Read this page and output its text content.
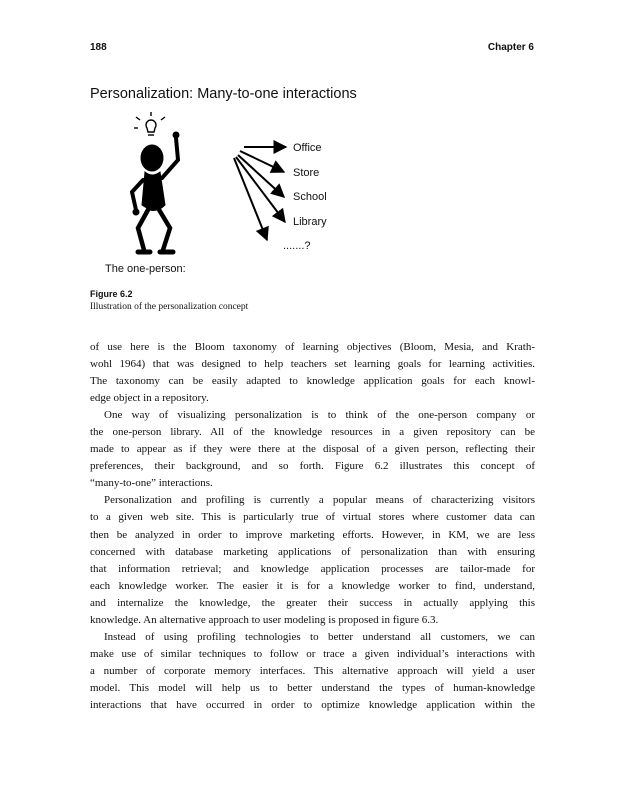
188	Chapter 6
Personalization: Many-to-one interactions
Office
Store
School
Library
.......?
The one-person:
Figure 6.2
Illustration of the personalization concept

of use here is the Bloom taxonomy of learning objectives (Bloom, Mesia, and Krath-

wohl 1964) that was designed to help teachers set learning goals for learning activities.

The taxonomy can be easily adapted to knowledge application goals for each knowl-

edge object in a repository.

One way of visualizing personalization is to think of the one-person company or

the one-person library. All of the knowledge resources in a given repository can be

made to appear as if they were there at the disposal of a given person, reflecting their

preferences, their background, and so forth. Figure 6.2 illustrates this concept of

“many-to-one” interactions.

Personalization and profiling is currently a popular means of characterizing visitors

to a given web site. This is particularly true of virtual stores where customer data can

then be analyzed in order to improve marketing efforts. However, in KM, we are less

concerned with database marketing applications of personalization than with ensuring

that information retrieval; and knowledge application processes are tailor-made for

each knowledge worker. The easier it is for a knowledge worker to find, understand,

and internalize the knowledge, the greater their success in actually applying this

knowledge. An alternative approach to user modeling is proposed in figure 6.3.

Instead of using profiling technologies to better understand all customers, we can

make use of similar techniques to follow or trace a given individual’s interactions with

a number of corporate memory interfaces. This alternative approach will yield a user

model. This model will help us to better understand the types of human-knowledge

interactions that have occurred in order to optimize knowledge application within the
